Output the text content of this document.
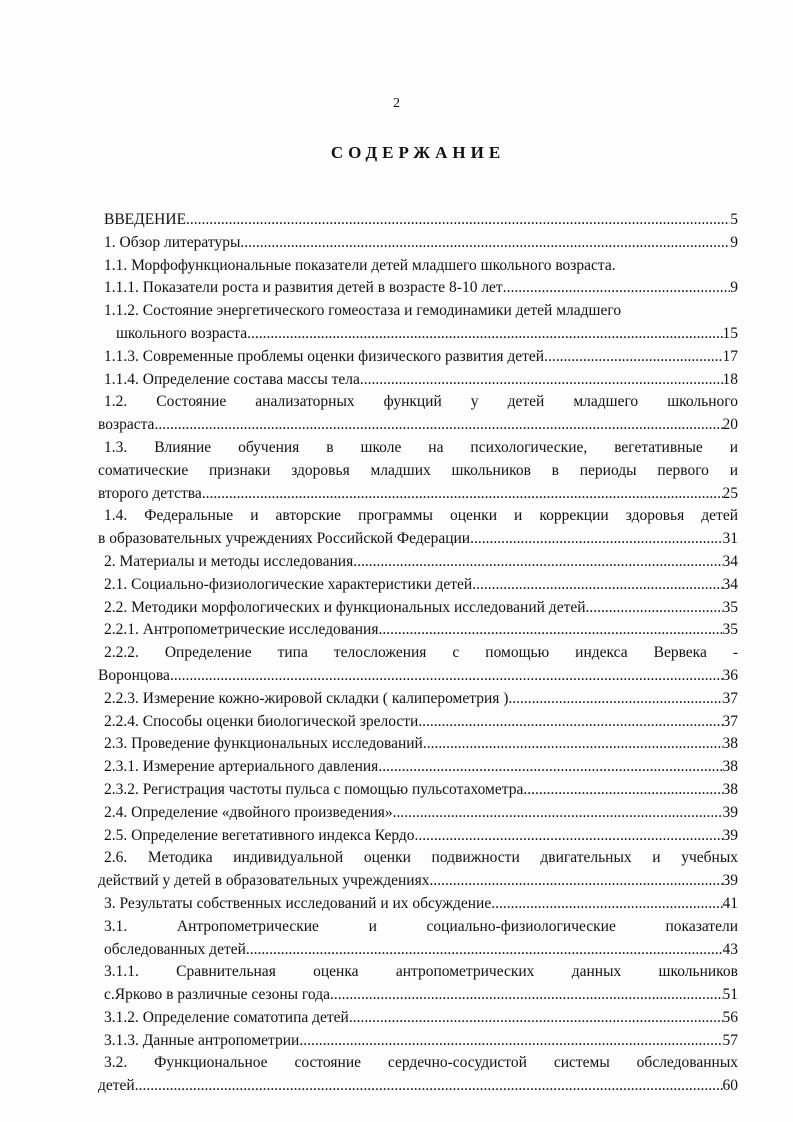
2
СОДЕРЖАНИЕ
ВВЕДЕНИЕ .....	5
1. Обзор литературы .....	9
1.1. Морфофункциональные показатели детей младшего школьного возраста.
1.1.1. Показатели роста и развития детей в возрасте 8-10 лет .....	9
1.1.2. Состояние энергетического гомеостаза и гемодинамики детей младшего
школьного возраста .....	15
1.1.3. Современные проблемы оценки физического развития детей .....	17
1.1.4. Определение состава массы тела .....	18
1.2. Состояние анализаторных функций у детей младшего школьного
возраста .....	20
1.3. Влияние обучения в школе на психологические, вегетативные и
соматические признаки здоровья младших школьников в периоды первого и
второго детства .....	25
1.4. Федеральные и авторские программы оценки и коррекции здоровья детей
в образовательных учреждениях Российской Федерации .....	31
2. Материалы и методы исследования .....	34
2.1. Социально-физиологические характеристики детей .....	34
2.2. Методики морфологических и функциональных исследований детей .....	35
2.2.1. Антропометрические исследования .....	35
2.2.2. Определение типа телосложения с помощью индекса Вервека -
Воронцова .....	36
2.2.3. Измерение кожно-жировой складки ( калиперометрия ) .....	37
2.2.4. Способы оценки биологической зрелости .....	37
2.3. Проведение функциональных исследований .....	38
2.3.1. Измерение артериального давления .....	38
2.3.2. Регистрация частоты пульса с помощью пульсотахометра .....	38
2.4. Определение «двойного произведения» .....	39
2.5. Определение вегетативного индекса Кердо .....	39
2.6. Методика индивидуальной оценки подвижности двигательных и учебных
действий у детей в образовательных учреждениях .....	39
3. Результаты собственных исследований и их обсуждение .....	41
3.1. Антропометрические и социально-физиологические показатели
обследованных детей .....	43
3.1.1. Сравнительная оценка антропометрических данных школьников
с.Ярково в различные сезоны года .....	51
3.1.2. Определение соматотипа детей .....	56
3.1.3. Данные антропометрии .....	57
3.2. Функциональное состояние сердечно-сосудистой системы обследованных
детей .....	60
